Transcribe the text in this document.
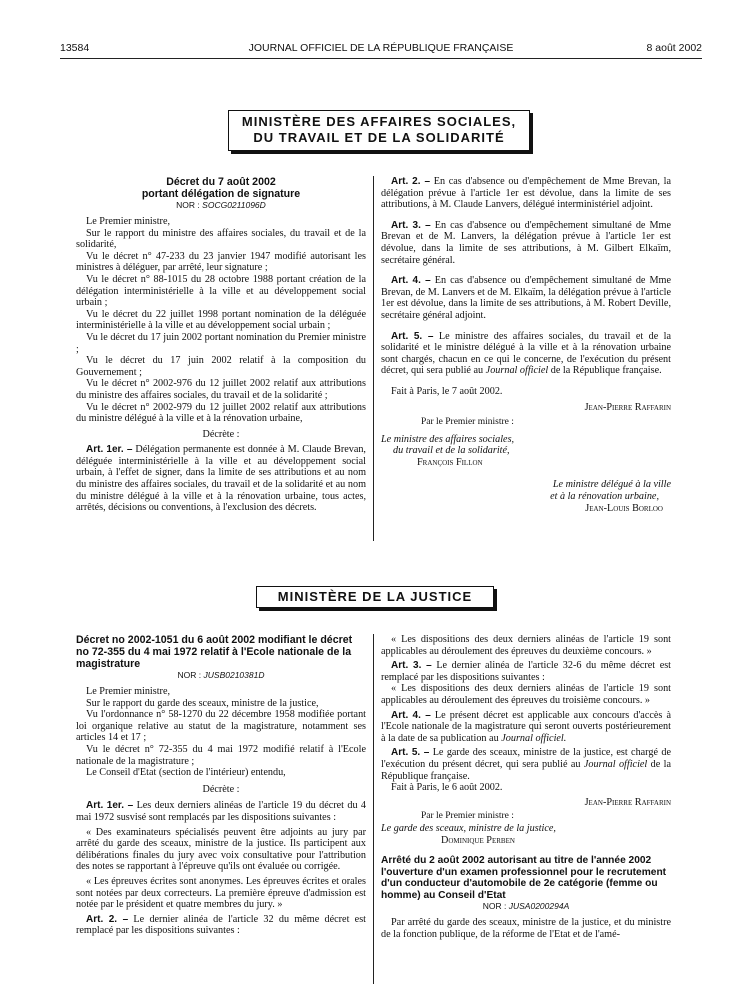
13584	JOURNAL OFFICIEL DE LA RÉPUBLIQUE FRANÇAISE	8 août 2002
MINISTÈRE DES AFFAIRES SOCIALES,
DU TRAVAIL ET DE LA SOLIDARITÉ
Décret du 7 août 2002
portant délégation de signature
NOR : SOCG0211096D

Le Premier ministre,

Sur le rapport du ministre des affaires sociales, du travail et de la solidarité,

Vu le décret n° 47-233 du 23 janvier 1947 modifié autorisant les ministres à déléguer, par arrêté, leur signature ;

Vu le décret n° 88-1015 du 28 octobre 1988 portant création de la délégation interministérielle à la ville et au développement social urbain ;

Vu le décret du 22 juillet 1998 portant nomination de la déléguée interministérielle à la ville et au développement social urbain ;

Vu le décret du 17 juin 2002 portant nomination du Premier ministre ;

Vu le décret du 17 juin 2002 relatif à la composition du Gouvernement ;

Vu le décret n° 2002-976 du 12 juillet 2002 relatif aux attributions du ministre des affaires sociales, du travail et de la solidarité ;

Vu le décret n° 2002-979 du 12 juillet 2002 relatif aux attributions du ministre délégué à la ville et à la rénovation urbaine,

Décrète :

Art. 1er. – Délégation permanente est donnée à M. Claude Brevan, déléguée interministérielle à la ville et au développement social urbain, à l'effet de signer, dans la limite de ses attributions et au nom du ministre des affaires sociales, du travail et de la solidarité et au nom du ministre délégué à la ville et à la rénovation urbaine, tous actes, arrêtés, décisions ou conventions, à l'exclusion des décrets.

Art. 2. – En cas d'absence ou d'empêchement de Mme Brevan, la délégation prévue à l'article 1er est dévolue, dans la limite de ses attributions, à M. Claude Lanvers, délégué interministériel adjoint.

Art. 3. – En cas d'absence ou d'empêchement simultané de Mme Brevan et de M. Lanvers, la délégation prévue à l'article 1er est dévolue, dans la limite de ses attributions, à M. Gilbert Elkaïm, secrétaire général.

Art. 4. – En cas d'absence ou d'empêchement simultané de Mme Brevan, de M. Lanvers et de M. Elkaïm, la délégation prévue à l'article 1er est dévolue, dans la limite de ses attributions, à M. Robert Deville, secrétaire général adjoint.

Art. 5. – Le ministre des affaires sociales, du travail et de la solidarité et le ministre délégué à la ville et à la rénovation urbaine sont chargés, chacun en ce qui le concerne, de l'exécution du présent décret, qui sera publié au Journal officiel de la République française.

Fait à Paris, le 7 août 2002.

Jean-Pierre Raffarin

Par le Premier ministre :

Le ministre des affaires sociales,

du travail et de la solidarité,

François Fillon

Le ministre délégué à la ville

et à la rénovation urbaine,

Jean-Louis Borloo

MINISTÈRE DE LA JUSTICE
Décret no 2002-1051 du 6 août 2002 modifiant le décret no 72-355 du 4 mai 1972 relatif à l'Ecole nationale de la magistrature
NOR : JUSB0210381D

Le Premier ministre,

Sur le rapport du garde des sceaux, ministre de la justice,

Vu l'ordonnance n° 58-1270 du 22 décembre 1958 modifiée portant loi organique relative au statut de la magistrature, notamment ses articles 14 et 17 ;

Vu le décret n° 72-355 du 4 mai 1972 modifié relatif à l'Ecole nationale de la magistrature ;

Le Conseil d'Etat (section de l'intérieur) entendu,

Décrète :

Art. 1er. – Les deux derniers alinéas de l'article 19 du décret du 4 mai 1972 susvisé sont remplacés par les dispositions suivantes :

« Des examinateurs spécialisés peuvent être adjoints au jury par arrêté du garde des sceaux, ministre de la justice. Ils participent aux délibérations finales du jury avec voix consultative pour l'attribution des notes se rapportant à l'épreuve qu'ils ont évaluée ou corrigée.

« Les épreuves écrites sont anonymes. Les épreuves écrites et orales sont notées par deux correcteurs. La première épreuve d'admission est notée par le président et quatre membres du jury. »

Art. 2. – Le dernier alinéa de l'article 32 du même décret est remplacé par les dispositions suivantes :

« Les dispositions des deux derniers alinéas de l'article 19 sont applicables au déroulement des épreuves du deuxième concours. »

Art. 3. – Le dernier alinéa de l'article 32-6 du même décret est remplacé par les dispositions suivantes :

« Les dispositions des deux derniers alinéas de l'article 19 sont applicables au déroulement des épreuves du troisième concours. »

Art. 4. – Le présent décret est applicable aux concours d'accès à l'Ecole nationale de la magistrature qui seront ouverts postérieurement à la date de sa publication au Journal officiel.

Art. 5. – Le garde des sceaux, ministre de la justice, est chargé de l'exécution du présent décret, qui sera publié au Journal officiel de la République française.

Fait à Paris, le 6 août 2002.

Jean-Pierre Raffarin

Par le Premier ministre :

Le garde des sceaux, ministre de la justice,

Dominique Perben

Arrêté du 2 août 2002 autorisant au titre de l'année 2002 l'ouverture d'un examen professionnel pour le recrutement d'un conducteur d'automobile de 2e catégorie (femme ou homme) au Conseil d'Etat
NOR : JUSA0200294A

Par arrêté du garde des sceaux, ministre de la justice, et du ministre de la fonction publique, de la réforme de l'Etat et de l'amé-
